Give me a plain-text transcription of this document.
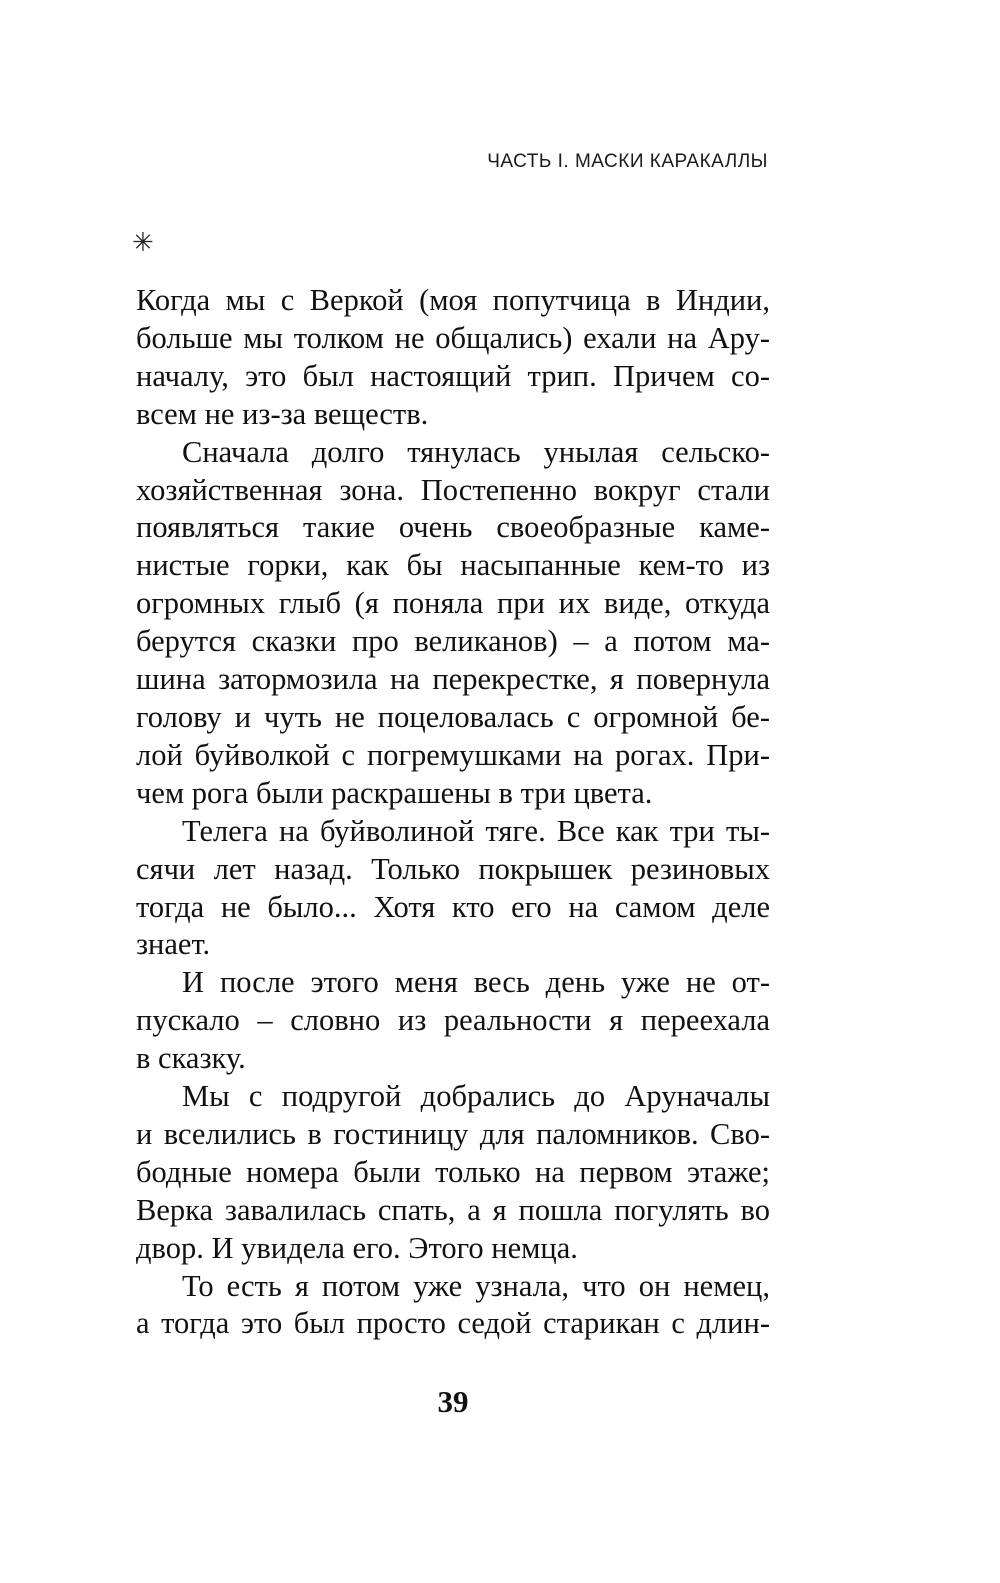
ЧАСТЬ I. МАСКИ КАРАКАЛЛЫ
✳
Когда мы с Веркой (моя попутчица в Индии,
больше мы толком не общались) ехали на Ару-
началу, это был настоящий трип. Причем со-
всем не из-за веществ.
Сначала долго тянулась унылая сельско-
хозяйственная зона. Постепенно вокруг стали
появляться такие очень своеобразные каме-
нистые горки, как бы насыпанные кем-то из
огромных глыб (я поняла при их виде, откуда
берутся сказки про великанов) – а потом ма-
шина затормозила на перекрестке, я повернула
голову и чуть не поцеловалась с огромной бе-
лой буйволкой с погремушками на рогах. При-
чем рога были раскрашены в три цвета.
Телега на буйволиной тяге. Все как три ты-
сячи лет назад. Только покрышек резиновых
тогда не было... Хотя кто его на самом деле
знает.
И после этого меня весь день уже не от-
пускало – словно из реальности я переехала
в сказку.
Мы с подругой добрались до Аруначалы
и вселились в гостиницу для паломников. Сво-
бодные номера были только на первом этаже;
Верка завалилась спать, а я пошла погулять во
двор. И увидела его. Этого немца.
То есть я потом уже узнала, что он немец,
а тогда это был просто седой старикан с длин-
39
